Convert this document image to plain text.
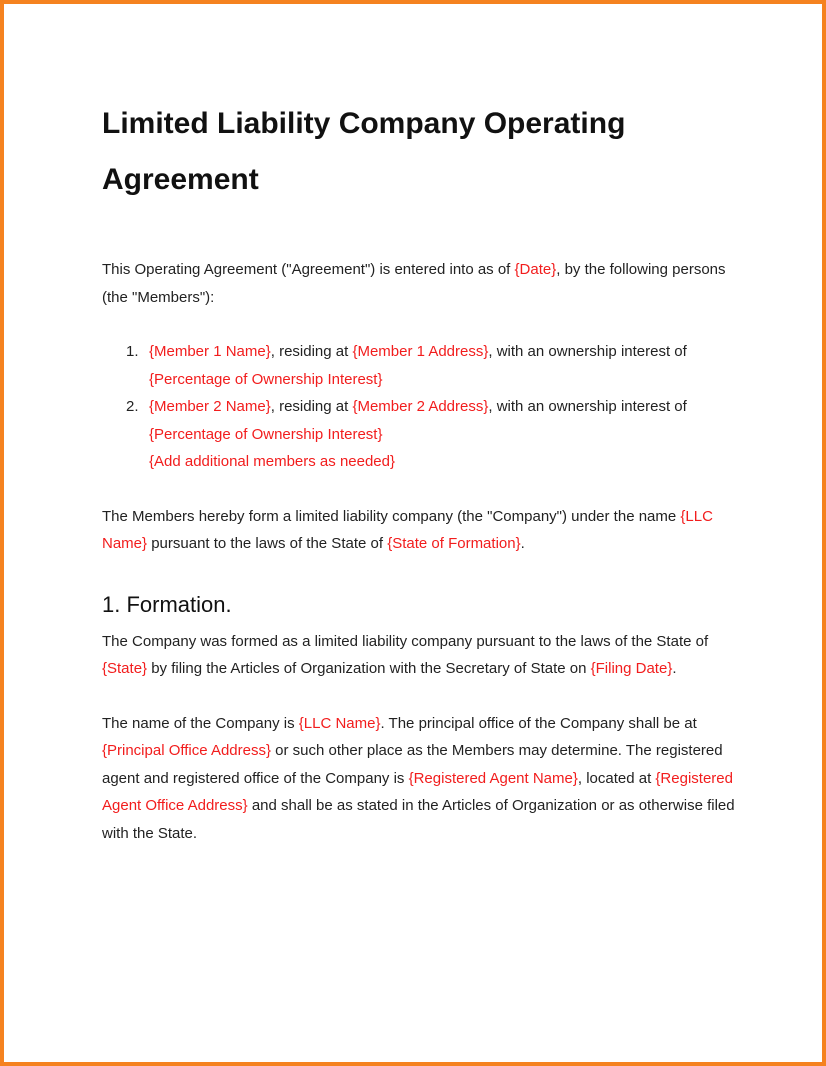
Limited Liability Company Operating Agreement

This Operating Agreement ("Agreement") is entered into as of {Date}, by the following persons (the "Members"):

1. {Member 1 Name}, residing at {Member 1 Address}, with an ownership interest of {Percentage of Ownership Interest}
2. {Member 2 Name}, residing at {Member 2 Address}, with an ownership interest of {Percentage of Ownership Interest}
{Add additional members as needed}

The Members hereby form a limited liability company (the "Company") under the name {LLC Name} pursuant to the laws of the State of {State of Formation}.

1. Formation.

The Company was formed as a limited liability company pursuant to the laws of the State of {State} by filing the Articles of Organization with the Secretary of State on {Filing Date}.

The name of the Company is {LLC Name}. The principal office of the Company shall be at {Principal Office Address} or such other place as the Members may determine. The registered agent and registered office of the Company is {Registered Agent Name}, located at {Registered Agent Office Address} and shall be as stated in the Articles of Organization or as otherwise filed with the State.
